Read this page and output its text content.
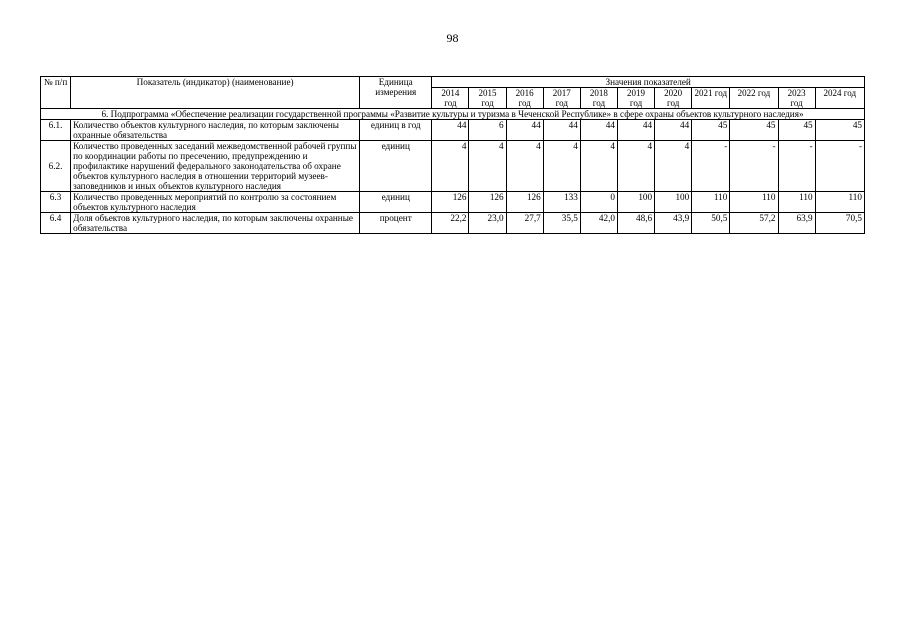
98
№ п/п	Показатель (индикатор) (наименование)	Единица измерения	Значения показателей										
			2014 год	2015 год	2016 год	2017 год	2018 год	2019 год	2020 год	2021 год	2022 год	2023 год	2024 год
6. Подпрограмма «Обеспечение реализации государственной программы «Развитие культуры и туризма в Чеченской Республике» в сфере охраны объектов культурного наследия»													
6.1.	Количество объектов культурного наследия, по которым заключены охранные обязательства	единиц в год	44	6	44	44	44	44	44	45	45	45	45
6.2.	Количество проведенных заседаний межведомственной рабочей группы по координации работы по пресечению, предупреждению и профилактике нарушений федерального законодательства об охране объектов культурного наследия в отношении территорий музеев-заповедников и иных объектов культурного наследия	единиц	4	4	4	4	4	4	4	-	-	-	-
6.3	Количество проведенных мероприятий по контролю за состоянием объектов культурного наследия	единиц	126	126	126	133	0	100	100	110	110	110	110
6.4	Доля объектов культурного наследия, по которым заключены охранные обязательства	процент	22,2	23,0	27,7	35,5	42,0	48,6	43,9	50,5	57,2	63,9	70,5
